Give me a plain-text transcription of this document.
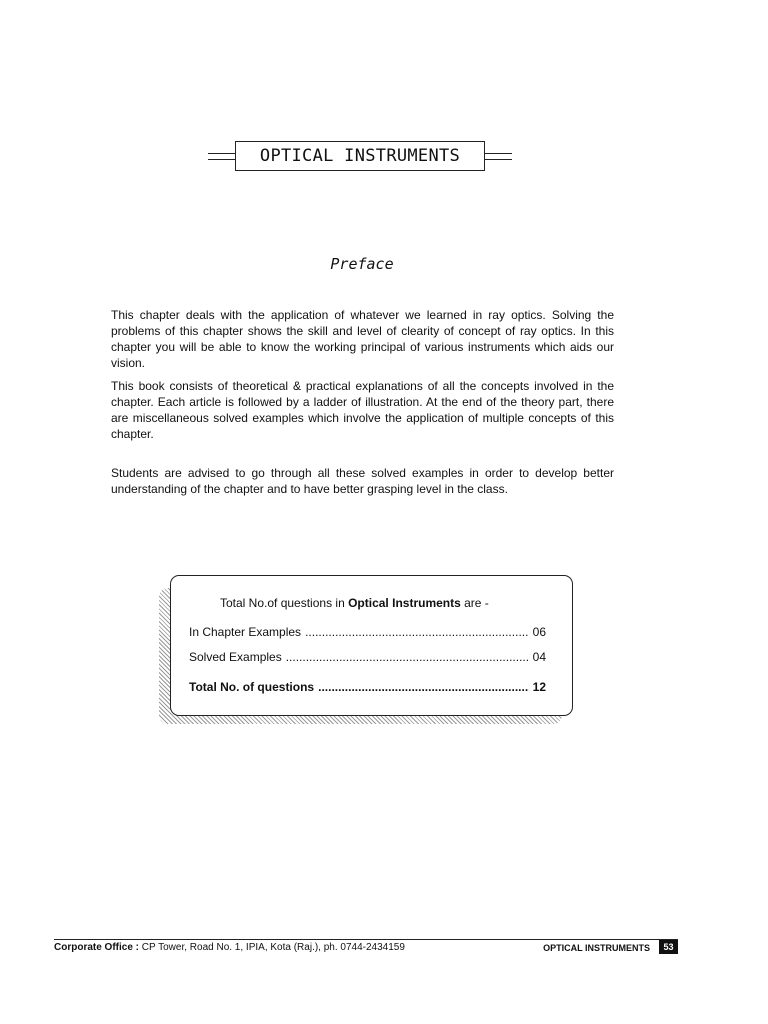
OPTICAL INSTRUMENTS
Preface

This chapter deals with the application of whatever we learned in ray optics. Solving the problems of this chapter shows the skill and level of clearity of concept of ray optics. In this chapter you will be able to know the working principal of various instruments which aids our vision.

This book consists of theoretical & practical explanations of all the concepts involved in the chapter. Each article is followed by a ladder of illustration. At the end of the theory part, there are miscellaneous solved examples which involve the application of multiple concepts of this chapter.

Students are advised to go through all these solved examples in order to develop better understanding of the chapter and to have better grasping level in the class.

Total No.of questions in Optical Instruments are -
In Chapter Examples .....	06
Solved Examples .....	04
Total No. of questions .....	12
Corporate Office : CP Tower, Road No. 1, IPIA, Kota (Raj.), ph. 0744-2434159	OPTICAL INSTRUMENTS	53
